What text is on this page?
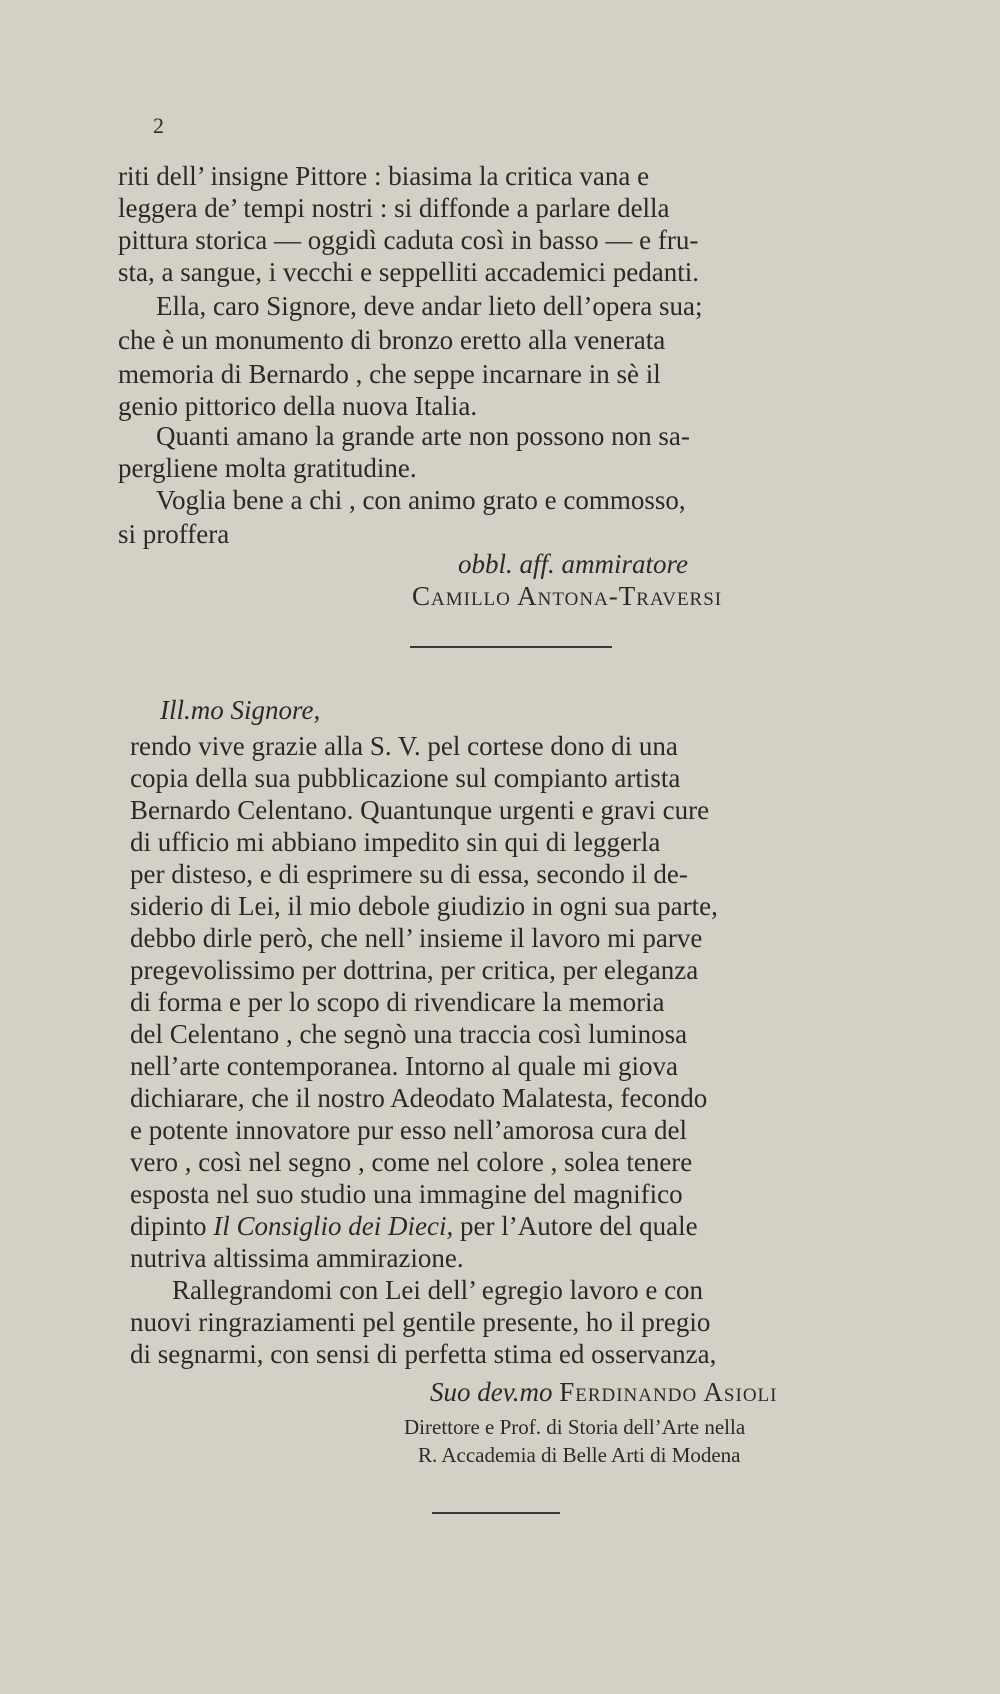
2
riti dell’ insigne Pittore : biasima la critica vana e
leggera de’ tempi nostri : si diffonde a parlare della
pittura storica — oggidì caduta così in basso — e fru-
sta, a sangue, i vecchi e seppelliti accademici pedanti.
Ella, caro Signore, deve andar lieto dell’opera sua;
che è un monumento di bronzo eretto alla venerata
memoria di Bernardo , che seppe incarnare in sè il
genio pittorico della nuova Italia.
Quanti amano la grande arte non possono non sa-
pergliene molta gratitudine.
Voglia bene a chi , con animo grato e commosso,
si proffera
obbl. aff. ammiratore
Camillo Antona-Traversi
Ill.mo Signore,
rendo vive grazie alla S. V. pel cortese dono di una
copia della sua pubblicazione sul compianto artista
Bernardo Celentano. Quantunque urgenti e gravi cure
di ufficio mi abbiano impedito sin qui di leggerla
per disteso, e di esprimere su di essa, secondo il de-
siderio di Lei, il mio debole giudizio in ogni sua parte,
debbo dirle però, che nell’ insieme il lavoro mi parve
pregevolissimo per dottrina, per critica, per eleganza
di forma e per lo scopo di rivendicare la memoria
del Celentano , che segnò una traccia così luminosa
nell’arte contemporanea. Intorno al quale mi giova
dichiarare, che il nostro Adeodato Malatesta, fecondo
e potente innovatore pur esso nell’amorosa cura del
vero , così nel segno , come nel colore , solea tenere
esposta nel suo studio una immagine del magnifico
dipinto Il Consiglio dei Dieci, per l’Autore del quale
nutriva altissima ammirazione.
Rallegrandomi con Lei dell’ egregio lavoro e con
nuovi ringraziamenti pel gentile presente, ho il pregio
di segnarmi, con sensi di perfetta stima ed osservanza,
Suo dev.mo Ferdinando Asioli
Direttore e Prof. di Storia dell’Arte nella
R. Accademia di Belle Arti di Modena
